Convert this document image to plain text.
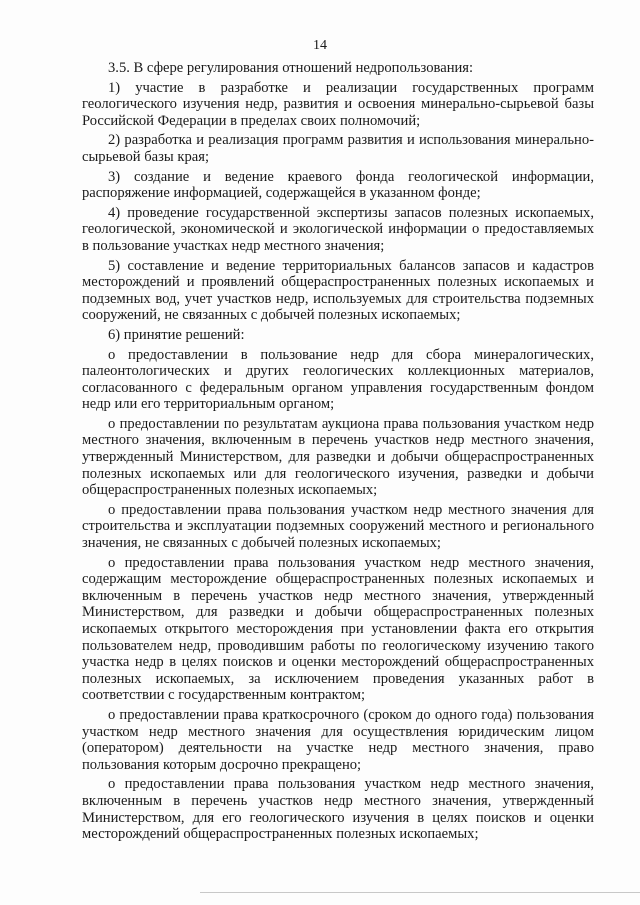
14

3.5. В сфере регулирования отношений недропользования:

1) участие в разработке и реализации государственных программ геологического изучения недр, развития и освоения минерально-сырьевой базы Российской Федерации в пределах своих полномочий;

2) разработка и реализация программ развития и использования минерально-сырьевой базы края;

3) создание и ведение краевого фонда геологической информации, распоряжение информацией, содержащейся в указанном фонде;

4) проведение государственной экспертизы запасов полезных ископаемых, геологической, экономической и экологической информации о предоставляемых в пользование участках недр местного значения;

5) составление и ведение территориальных балансов запасов и кадастров месторождений и проявлений общераспространенных полезных ископаемых и подземных вод, учет участков недр, используемых для строительства подземных сооружений, не связанных с добычей полезных ископаемых;

6) принятие решений:

о предоставлении в пользование недр для сбора минералогических, палеонтологических и других геологических коллекционных материалов, согласованного с федеральным органом управления государственным фондом недр или его территориальным органом;

о предоставлении по результатам аукциона права пользования участком недр местного значения, включенным в перечень участков недр местного значения, утвержденный Министерством, для разведки и добычи общераспространенных полезных ископаемых или для геологического изучения, разведки и добычи общераспространенных полезных ископаемых;

о предоставлении права пользования участком недр местного значения для строительства и эксплуатации подземных сооружений местного и регионального значения, не связанных с добычей полезных ископаемых;

о предоставлении права пользования участком недр местного значения, содержащим месторождение общераспространенных полезных ископаемых и включенным в перечень участков недр местного значения, утвержденный Министерством, для разведки и добычи общераспространенных полезных ископаемых открытого месторождения при установлении факта его открытия пользователем недр, проводившим работы по геологическому изучению такого участка недр в целях поисков и оценки месторождений общераспространенных полезных ископаемых, за исключением проведения указанных работ в соответствии с государственным контрактом;

о предоставлении права краткосрочного (сроком до одного года) пользования участком недр местного значения для осуществления юридическим лицом (оператором) деятельности на участке недр местного значения, право пользования которым досрочно прекращено;

о предоставлении права пользования участком недр местного значения, включенным в перечень участков недр местного значения, утвержденный Министерством, для его геологического изучения в целях поисков и оценки месторождений общераспространенных полезных ископаемых;
